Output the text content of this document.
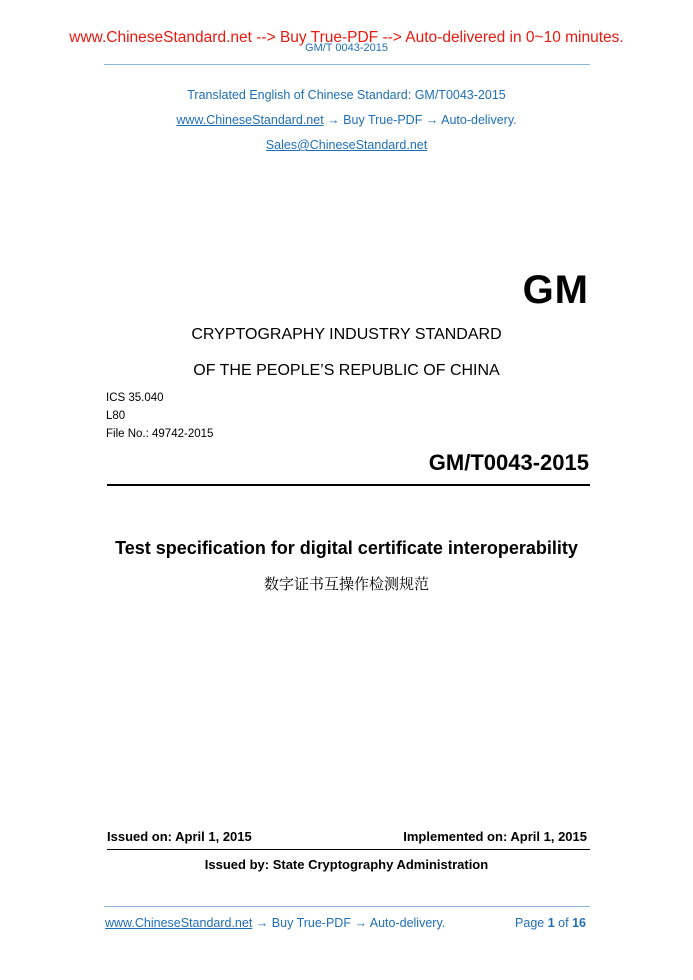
www.ChineseStandard.net --> Buy True-PDF --> Auto-delivered in 0~10 minutes.
GM/T 0043-2015
Translated English of Chinese Standard: GM/T0043-2015
www.ChineseStandard.net → Buy True-PDF → Auto-delivery.
Sales@ChineseStandard.net
GM
CRYPTOGRAPHY INDUSTRY STANDARD
OF THE PEOPLE’S REPUBLIC OF CHINA
ICS 35.040
L80
File No.: 49742-2015
GM/T0043-2015
Test specification for digital certificate interoperability
数字证书互操作检测规范
Issued on: April 1, 2015	Implemented on: April 1, 2015
Issued by: State Cryptography Administration
www.ChineseStandard.net → Buy True-PDF → Auto-delivery.	Page 1 of 16
